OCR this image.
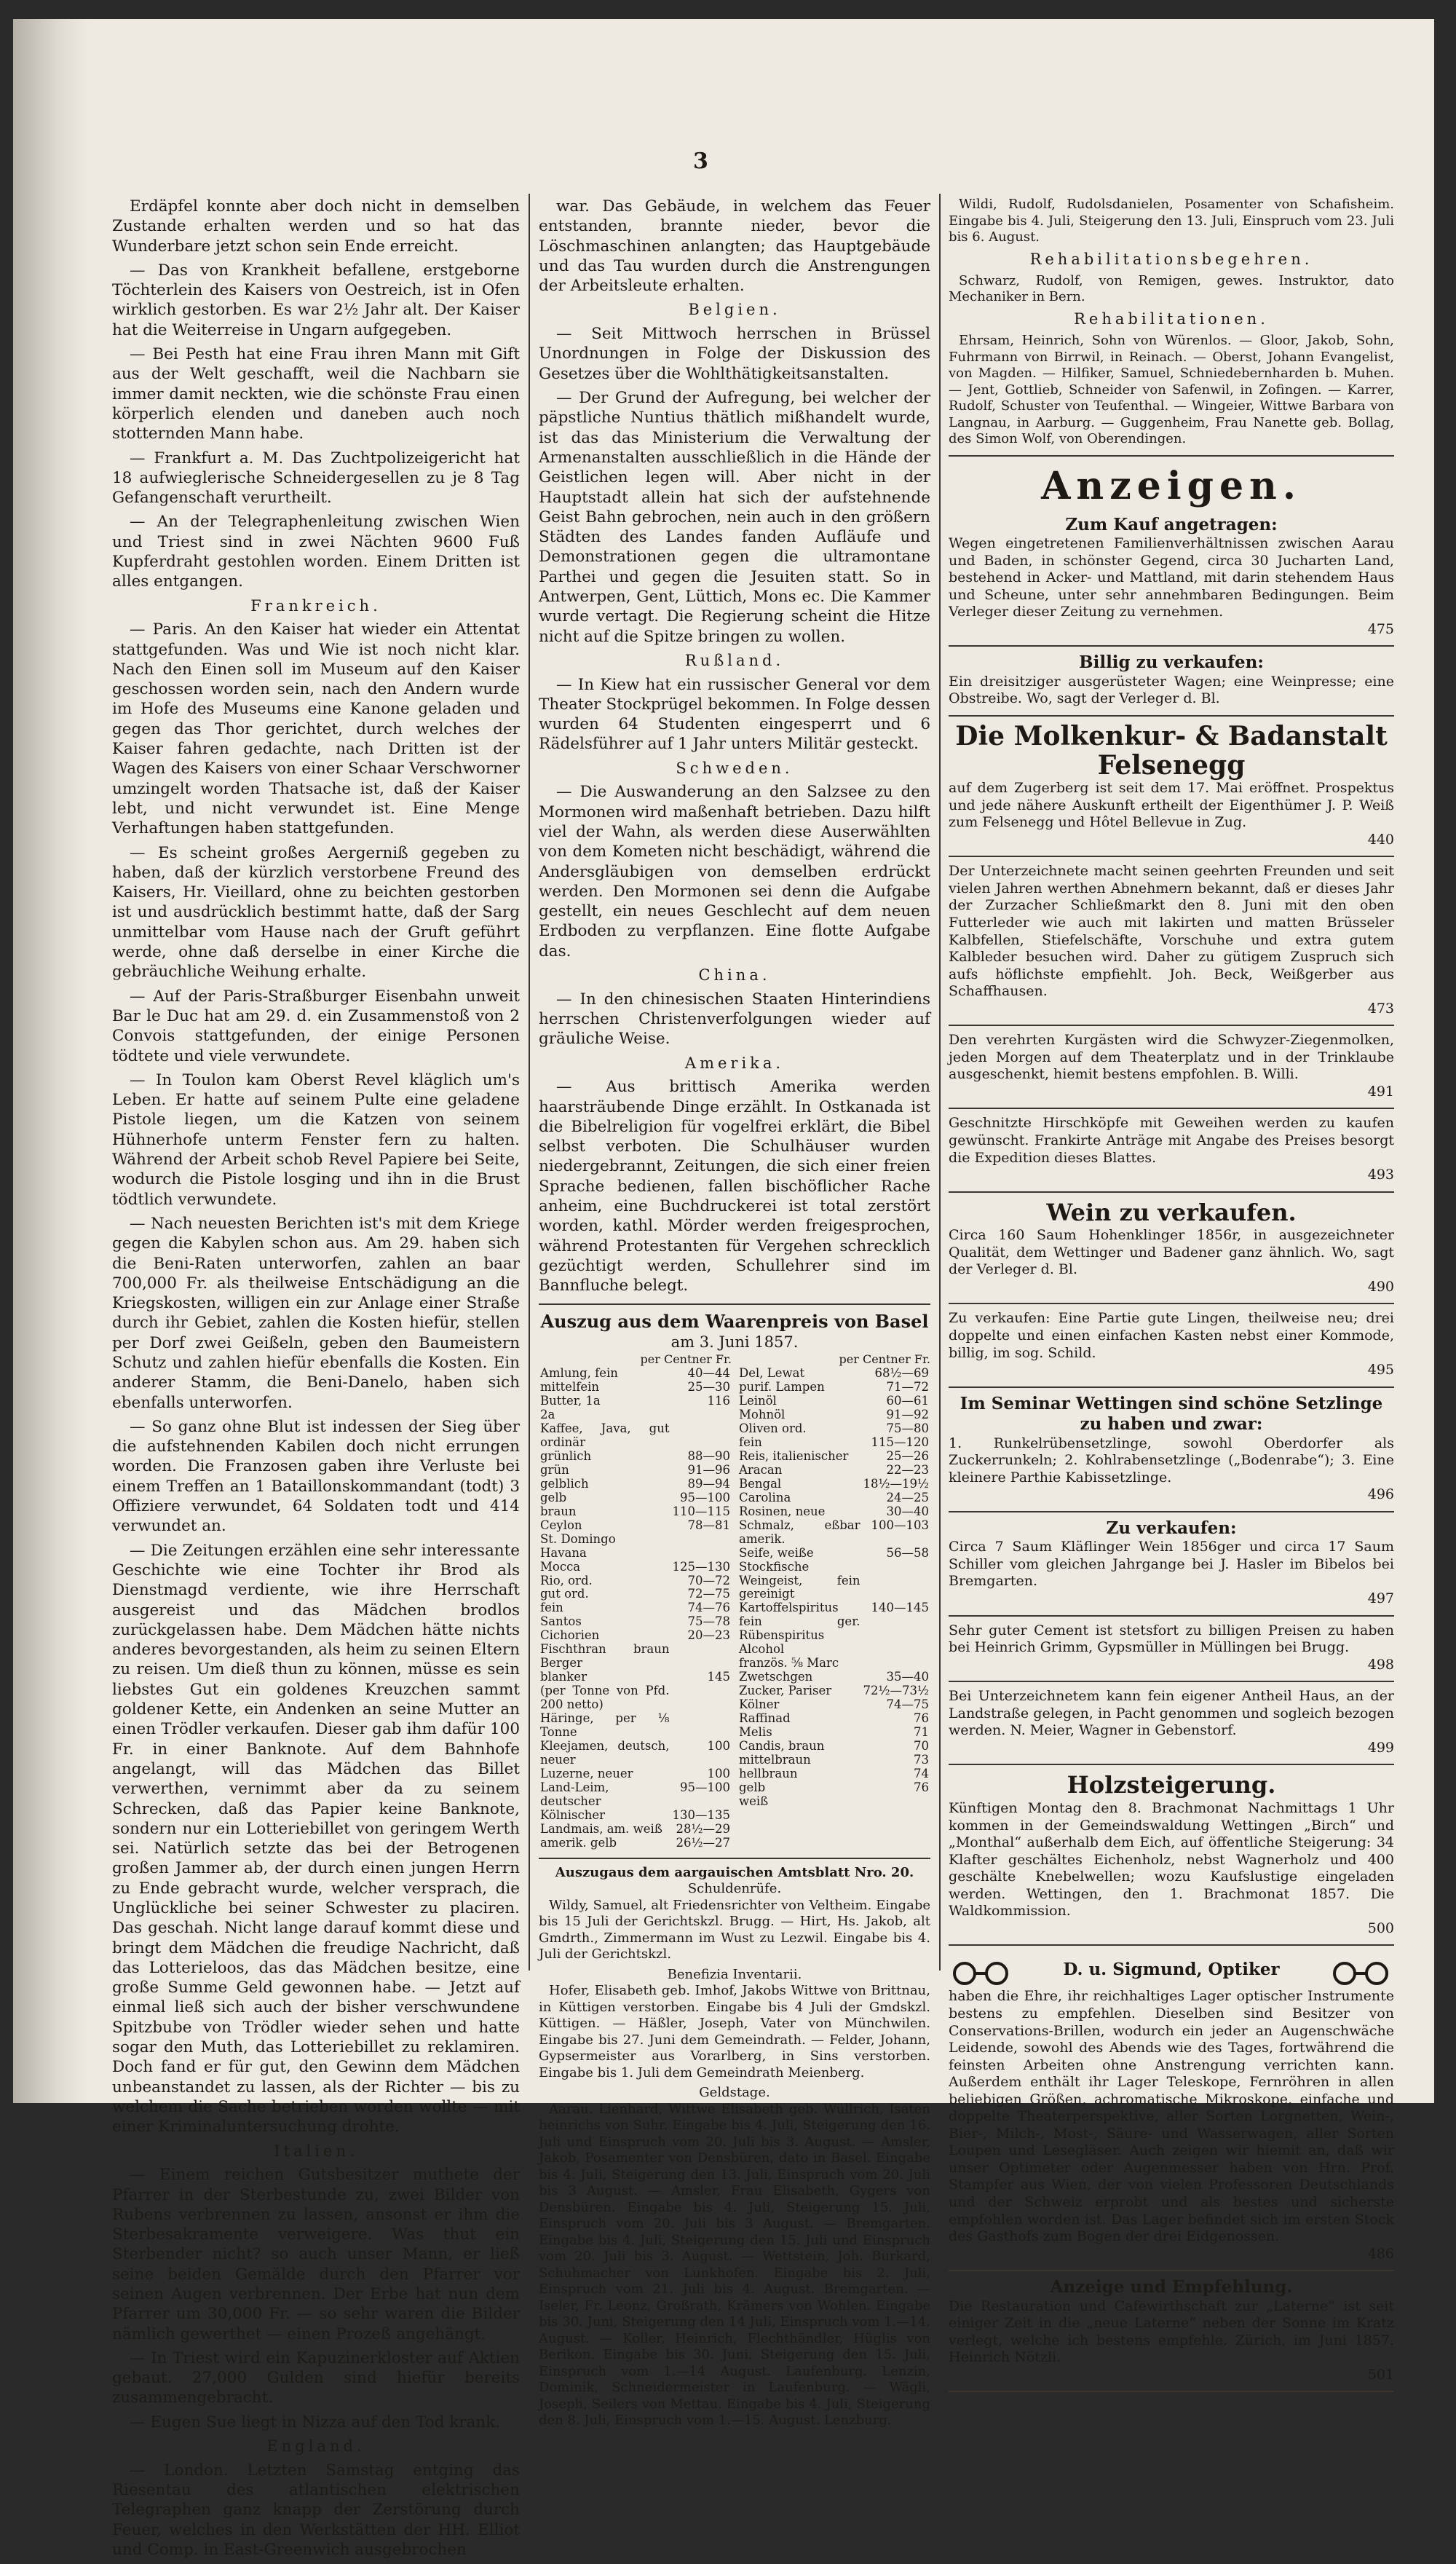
3

Erdäpfel konnte aber doch nicht in demselben Zustande erhalten werden und so hat das Wunderbare jetzt schon sein Ende erreicht.

— Das von Krankheit befallene, erstgeborne Töchterlein des Kaisers von Oestreich, ist in Ofen wirklich gestorben. Es war 2½ Jahr alt. Der Kaiser hat die Weiterreise in Ungarn aufgegeben.

— Bei Pesth hat eine Frau ihren Mann mit Gift aus der Welt geschafft, weil die Nachbarn sie immer damit neckten, wie die schönste Frau einen körperlich elenden und daneben auch noch stotternden Mann habe.

— Frankfurt a. M. Das Zuchtpolizeigericht hat 18 aufwieglerische Schneidergesellen zu je 8 Tag Gefangenschaft verurtheilt.

— An der Telegraphenleitung zwischen Wien und Triest sind in zwei Nächten 9600 Fuß Kupferdraht gestohlen worden. Einem Dritten ist alles entgangen.

Frankreich.

— Paris. An den Kaiser hat wieder ein Attentat stattgefunden. Was und Wie ist noch nicht klar. Nach den Einen soll im Museum auf den Kaiser geschossen worden sein, nach den Andern wurde im Hofe des Museums eine Kanone geladen und gegen das Thor gerichtet, durch welches der Kaiser fahren gedachte, nach Dritten ist der Wagen des Kaisers von einer Schaar Verschworner umzingelt worden Thatsache ist, daß der Kaiser lebt, und nicht verwundet ist. Eine Menge Verhaftungen haben stattgefunden.

— Es scheint großes Aergerniß gegeben zu haben, daß der kürzlich verstorbene Freund des Kaisers, Hr. Vieillard, ohne zu beichten gestorben ist und ausdrücklich bestimmt hatte, daß der Sarg unmittelbar vom Hause nach der Gruft geführt werde, ohne daß derselbe in einer Kirche die gebräuchliche Weihung erhalte.

— Auf der Paris-Straßburger Eisenbahn unweit Bar le Duc hat am 29. d. ein Zusammenstoß von 2 Convois stattgefunden, der einige Personen tödtete und viele verwundete.

— In Toulon kam Oberst Revel kläglich um's Leben. Er hatte auf seinem Pulte eine geladene Pistole liegen, um die Katzen von seinem Hühnerhofe unterm Fenster fern zu halten. Während der Arbeit schob Revel Papiere bei Seite, wodurch die Pistole losging und ihn in die Brust tödtlich verwundete.

— Nach neuesten Berichten ist's mit dem Kriege gegen die Kabylen schon aus. Am 29. haben sich die Beni-Raten unterworfen, zahlen an baar 700,000 Fr. als theilweise Entschädigung an die Kriegskosten, willigen ein zur Anlage einer Straße durch ihr Gebiet, zahlen die Kosten hiefür, stellen per Dorf zwei Geißeln, geben den Baumeistern Schutz und zahlen hiefür ebenfalls die Kosten. Ein anderer Stamm, die Beni-Danelo, haben sich ebenfalls unterworfen.

— So ganz ohne Blut ist indessen der Sieg über die aufstehnenden Kabilen doch nicht errungen worden. Die Franzosen gaben ihre Verluste bei einem Treffen an 1 Bataillonskommandant (todt) 3 Offiziere verwundet, 64 Soldaten todt und 414 verwundet an.

— Die Zeitungen erzählen eine sehr interessante Geschichte wie eine Tochter ihr Brod als Dienstmagd verdiente, wie ihre Herrschaft ausgereist und das Mädchen brodlos zurückgelassen habe. Dem Mädchen hätte nichts anderes bevorgestanden, als heim zu seinen Eltern zu reisen. Um dieß thun zu können, müsse es sein liebstes Gut ein goldenes Kreuzchen sammt goldener Kette, ein Andenken an seine Mutter an einen Trödler verkaufen. Dieser gab ihm dafür 100 Fr. in einer Banknote. Auf dem Bahnhofe angelangt, will das Mädchen das Billet verwerthen, vernimmt aber da zu seinem Schrecken, daß das Papier keine Banknote, sondern nur ein Lotteriebillet von geringem Werth sei. Natürlich setzte das bei der Betrogenen großen Jammer ab, der durch einen jungen Herrn zu Ende gebracht wurde, welcher versprach, die Unglückliche bei seiner Schwester zu placiren. Das geschah. Nicht lange darauf kommt diese und bringt dem Mädchen die freudige Nachricht, daß das Lotterieloos, das das Mädchen besitze, eine große Summe Geld gewonnen habe. — Jetzt auf einmal ließ sich auch der bisher verschwundene Spitzbube von Trödler wieder sehen und hatte sogar den Muth, das Lotteriebillet zu reklamiren. Doch fand er für gut, den Gewinn dem Mädchen unbeanstandet zu lassen, als der Richter — bis zu welchem die Sache betrieben worden wollte — mit einer Kriminaluntersuchung drohte.

Italien.

— Einem reichen Gutsbesitzer muthete der Pfarrer in der Sterbestunde zu, zwei Bilder von Rubens verbrennen zu lassen, ansonst er ihm die Sterbesakramente verweigere. Was thut ein Sterbender nicht? so auch unser Mann, er ließ seine beiden Gemälde durch den Pfarrer vor seinen Augen verbrennen. Der Erbe hat nun dem Pfarrer um 30,000 Fr. — so sehr waren die Bilder nämlich gewerthet — einen Prozeß angehängt.

— In Triest wird ein Kapuzinerkloster auf Aktien gebaut. 27,000 Gulden sind hiefür bereits zusammengebracht.

— Eugen Sue liegt in Nizza auf den Tod krank.

England.

— London. Letzten Samstag entging das Riesentau des atlantischen elektrischen Telegraphen ganz knapp der Zerstörung durch Feuer, welches in den Werkstätten der HH. Elliot und Comp. in East-Greenwich ausgebrochen

war. Das Gebäude, in welchem das Feuer entstanden, brannte nieder, bevor die Löschmaschinen anlangten; das Hauptgebäude und das Tau wurden durch die Anstrengungen der Arbeitsleute erhalten.

Belgien.

— Seit Mittwoch herrschen in Brüssel Unordnungen in Folge der Diskussion des Gesetzes über die Wohlthätigkeitsanstalten.

— Der Grund der Aufregung, bei welcher der päpstliche Nuntius thätlich mißhandelt wurde, ist das das Ministerium die Verwaltung der Armenanstalten ausschließlich in die Hände der Geistlichen legen will. Aber nicht in der Hauptstadt allein hat sich der aufstehnende Geist Bahn gebrochen, nein auch in den größern Städten des Landes fanden Aufläufe und Demonstrationen gegen die ultramontane Parthei und gegen die Jesuiten statt. So in Antwerpen, Gent, Lüttich, Mons ec. Die Kammer wurde vertagt. Die Regierung scheint die Hitze nicht auf die Spitze bringen zu wollen.

Rußland.

— In Kiew hat ein russischer General vor dem Theater Stockprügel bekommen. In Folge dessen wurden 64 Studenten eingesperrt und 6 Rädelsführer auf 1 Jahr unters Militär gesteckt.

Schweden.

— Die Auswanderung an den Salzsee zu den Mormonen wird maßenhaft betrieben. Dazu hilft viel der Wahn, als werden diese Auserwählten von dem Kometen nicht beschädigt, während die Andersgläubigen von demselben erdrückt werden. Den Mormonen sei denn die Aufgabe gestellt, ein neues Geschlecht auf dem neuen Erdboden zu verpflanzen. Eine flotte Aufgabe das.

China.

— In den chinesischen Staaten Hinterindiens herrschen Christenverfolgungen wieder auf gräuliche Weise.

Amerika.

— Aus brittisch Amerika werden haarsträubende Dinge erzählt. In Ostkanada ist die Bibelreligion für vogelfrei erklärt, die Bibel selbst verboten. Die Schulhäuser wurden niedergebrannt, Zeitungen, die sich einer freien Sprache bedienen, fallen bischöflicher Rache anheim, eine Buchdruckerei ist total zerstört worden, kathl. Mörder werden freigesprochen, während Protestanten für Vergehen schrecklich gezüchtigt werden, Schullehrer sind im Bannfluche belegt.

Auszug aus dem Waarenpreis von Basel
am 3. Juni 1857.
per Centner Fr.
Amlung, fein	40—44
mittelfein	25—30
Butter, 1a	116
2a	
Kaffee, Java, gut ordinär	
grünlich	88—90
grün	91—96
gelblich	89—94
gelb	95—100
braun	110—115
Ceylon	78—81
St. Domingo	
Havana	
Mocca	125—130
Rio, ord.	70—72
gut ord.	72—75
fein	74—76
Santos	75—78
Cichorien	20—23
Fischthran braun Berger	
blanker	145
(per Tonne von Pfd. 200 netto)	
Häringe, per ⅛ Tonne	
Kleejamen, deutsch, neuer	100
Luzerne, neuer	100
Land-Leim, deutscher	95—100
Kölnischer	130—135
Landmais, am. weiß	28½—29
amerik. gelb	26½—27
per Centner Fr.
Del, Lewat	68½—69
purif. Lampen	71—72
Leinöl	60—61
Mohnöl	91—92
Oliven ord.	75—80
fein	115—120
Reis, italienischer	25—26
Aracan	22—23
Bengal	18½—19½
Carolina	24—25
Rosinen, neue	30—40
Schmalz, eßbar amerik.	100—103
Seife, weiße	56—58
Stockfische	
Weingeist, fein gereinigt	
Kartoffelspiritus	140—145
fein ger. Rübenspiritus	
Alcohol	
französ. ⅝ Marc	
Zwetschgen	35—40
Zucker, Pariser	72½—73½
Kölner	74—75
Raffinad	76
Melis	71
Candis, braun	70
mittelbraun	73
hellbraun	74
gelb	76
weiß	
Auszugaus dem aargauischen Amtsblatt Nro. 20.
Schuldenrüfe.

Wildy, Samuel, alt Friedensrichter von Veltheim. Eingabe bis 15 Juli der Gerichtskzl. Brugg. — Hirt, Hs. Jakob, alt Gmdrth., Zimmermann im Wust zu Lezwil. Eingabe bis 4. Juli der Gerichtskzl.

Benefizia Inventarii.

Hofer, Elisabeth geb. Imhof, Jakobs Wittwe von Brittnau, in Küttigen verstorben. Eingabe bis 4 Juli der Gmdskzl. Küttigen. — Häßler, Joseph, Vater von Münchwilen. Eingabe bis 27. Juni dem Gemeindrath. — Felder, Johann, Gypsermeister aus Vorarlberg, in Sins verstorben. Eingabe bis 1. Juli dem Gemeindrath Meienberg.

Geldstage.

Aarau. Lienhard, Wittwe Elisabeth geb. Wüllrich, Isaten heinrichs von Suhr. Eingabe bis 4. Juli, Steigerung den 16. Juli und Einspruch vom 20. Juli bis 3. August. — Amsler, Jakob, Posamenter von Densbüren, dato in Basel. Eingabe bis 4. Juli, Steigerung den 13. Juli, Einspruch vom 20. Juli bis 3 August. — Amsler, Frau Elisabeth, Gygers von Densbüren. Eingabe bis 4. Juli, Steigerung 15. Juli, Einspruch vom 20. Juli bis 3 August. — Bremgarten. Eingabe bis 4. Juli, Steigerung den 15. Juli und Einspruch vom 20. Juli bis 3. August. — Wettstein, Joh. Burkard, Schuhmacher von Lunkhofen. Eingabe bis 2. Juli, Einspruch vom 21. Juli bis 4. August. Bremgarten. — Iseler, Fr. Leonz, Großrath, Krämers von Wohlen. Eingabe bis 30. Juni, Steigerung den 14 Juli, Einspruch vom 1.—14. August. — Koller, Heinrich, Flechthändler, Hüglis von Berikon. Eingabe bis 30. Juni, Steigerung den 15. Juli, Einspruch vom 1.—14 August. Laufenburg. Lenzin, Dominik, Schneidermeister in Laufenburg. — Wägli, Joseph, Seilers von Mettau. Eingabe bis 4. Juli, Steigerung den 8. Juli, Einspruch vom 1.—15. August. Lenzburg.

Wildi, Rudolf, Rudolsdanielen, Posamenter von Schafisheim. Eingabe bis 4. Juli, Steigerung den 13. Juli, Einspruch vom 23. Juli bis 6. August.

Rehabilitationsbegehren.

Schwarz, Rudolf, von Remigen, gewes. Instruktor, dato Mechaniker in Bern.

Rehabilitationen.

Ehrsam, Heinrich, Sohn von Würenlos. — Gloor, Jakob, Sohn, Fuhrmann von Birrwil, in Reinach. — Oberst, Johann Evangelist, von Magden. — Hilfiker, Samuel, Schniedebernharden b. Muhen. — Jent, Gottlieb, Schneider von Safenwil, in Zofingen. — Karrer, Rudolf, Schuster von Teufenthal. — Wingeier, Wittwe Barbara von Langnau, in Aarburg. — Guggenheim, Frau Nanette geb. Bollag, des Simon Wolf, von Oberendingen.

Anzeigen.
Zum Kauf angetragen:

Wegen eingetretenen Familienverhältnissen zwischen Aarau und Baden, in schönster Gegend, circa 30 Jucharten Land, bestehend in Acker- und Mattland, mit darin stehendem Haus und Scheune, unter sehr annehmbaren Bedingungen. Beim Verleger dieser Zeitung zu vernehmen.

475
Billig zu verkaufen:

Ein dreisitziger ausgerüsteter Wagen; eine Weinpresse; eine Obstreibe. Wo, sagt der Verleger d. Bl.

Die Molkenkur- & Badanstalt Felsenegg

auf dem Zugerberg ist seit dem 17. Mai eröffnet. Prospektus und jede nähere Auskunft ertheilt der Eigenthümer J. P. Weiß zum Felsenegg und Hôtel Bellevue in Zug.

440

Der Unterzeichnete macht seinen geehrten Freunden und seit vielen Jahren werthen Abnehmern bekannt, daß er dieses Jahr der Zurzacher Schließmarkt den 8. Juni mit den oben Futterleder wie auch mit lakirten und matten Brüsseler Kalbfellen, Stiefelschäfte, Vorschuhe und extra gutem Kalbleder besuchen wird. Daher zu gütigem Zuspruch sich aufs höflichste empfiehlt. Joh. Beck, Weißgerber aus Schaffhausen.

473

Den verehrten Kurgästen wird die Schwyzer-Ziegenmolken, jeden Morgen auf dem Theaterplatz und in der Trinklaube ausgeschenkt, hiemit bestens empfohlen. B. Willi.

491

Geschnitzte Hirschköpfe mit Geweihen werden zu kaufen gewünscht. Frankirte Anträge mit Angabe des Preises besorgt die Expedition dieses Blattes.

493
Wein zu verkaufen.

Circa 160 Saum Hohenklinger 1856r, in ausgezeichneter Qualität, dem Wettinger und Badener ganz ähnlich. Wo, sagt der Verleger d. Bl.

490

Zu verkaufen: Eine Partie gute Lingen, theilweise neu; drei doppelte und einen einfachen Kasten nebst einer Kommode, billig, im sog. Schild.

495
Im Seminar Wettingen sind schöne Setzlinge zu haben und zwar:

1. Runkelrübensetzlinge, sowohl Oberdorfer als Zuckerrunkeln; 2. Kohlrabensetzlinge („Bodenrabe“); 3. Eine kleinere Parthie Kabissetzlinge.

496
Zu verkaufen:

Circa 7 Saum Kläflinger Wein 1856ger und circa 17 Saum Schiller vom gleichen Jahrgange bei J. Hasler im Bibelos bei Bremgarten.

497

Sehr guter Cement ist stetsfort zu billigen Preisen zu haben bei Heinrich Grimm, Gypsmüller in Müllingen bei Brugg.

498

Bei Unterzeichnetem kann fein eigener Antheil Haus, an der Landstraße gelegen, in Pacht genommen und sogleich bezogen werden. N. Meier, Wagner in Gebenstorf.

499
Holzsteigerung.

Künftigen Montag den 8. Brachmonat Nachmittags 1 Uhr kommen in der Gemeindswaldung Wettingen „Birch“ und „Monthal“ außerhalb dem Eich, auf öffentliche Steigerung: 34 Klafter geschältes Eichenholz, nebst Wagnerholz und 400 geschälte Knebelwellen; wozu Kaufslustige eingeladen werden. Wettingen, den 1. Brachmonat 1857. Die Waldkommission.

500
D. u. Sigmund, Optiker

haben die Ehre, ihr reichhaltiges Lager optischer Instrumente bestens zu empfehlen. Dieselben sind Besitzer von Conservations-Brillen, wodurch ein jeder an Augenschwäche Leidende, sowohl des Abends wie des Tages, fortwährend die feinsten Arbeiten ohne Anstrengung verrichten kann. Außerdem enthält ihr Lager Teleskope, Fernröhren in allen beliebigen Größen, achromatische Mikroskope, einfache und doppelte Theaterperspektive, aller Sorten Lorgnetten, Wein-, Bier-, Milch-, Most-, Säure- und Wasserwagen, aller Sorten Loupen und Lesegläser. Auch zeigen wir hiemit an, daß wir unser Optimeter oder Augenmesser haben von Hrn. Prof. Stampfer aus Wien, der von vielen Professoren Deutschlands und der Schweiz erprobt und als bestes und sicherste empfohlen worden ist. Das Lager befindet sich im ersten Stock des Gasthofs zum Bogen der drei Eidgenossen.

486
Anzeige und Empfehlung.

Die Restauration und Cafewirthschaft zur „Laterne“ ist seit einiger Zeit in die „neue Laterne“ neben der Sonne im Kratz verlegt, welche ich bestens empfehle. Zürich, im Juni 1857. Heinrich Nötzli.

501
